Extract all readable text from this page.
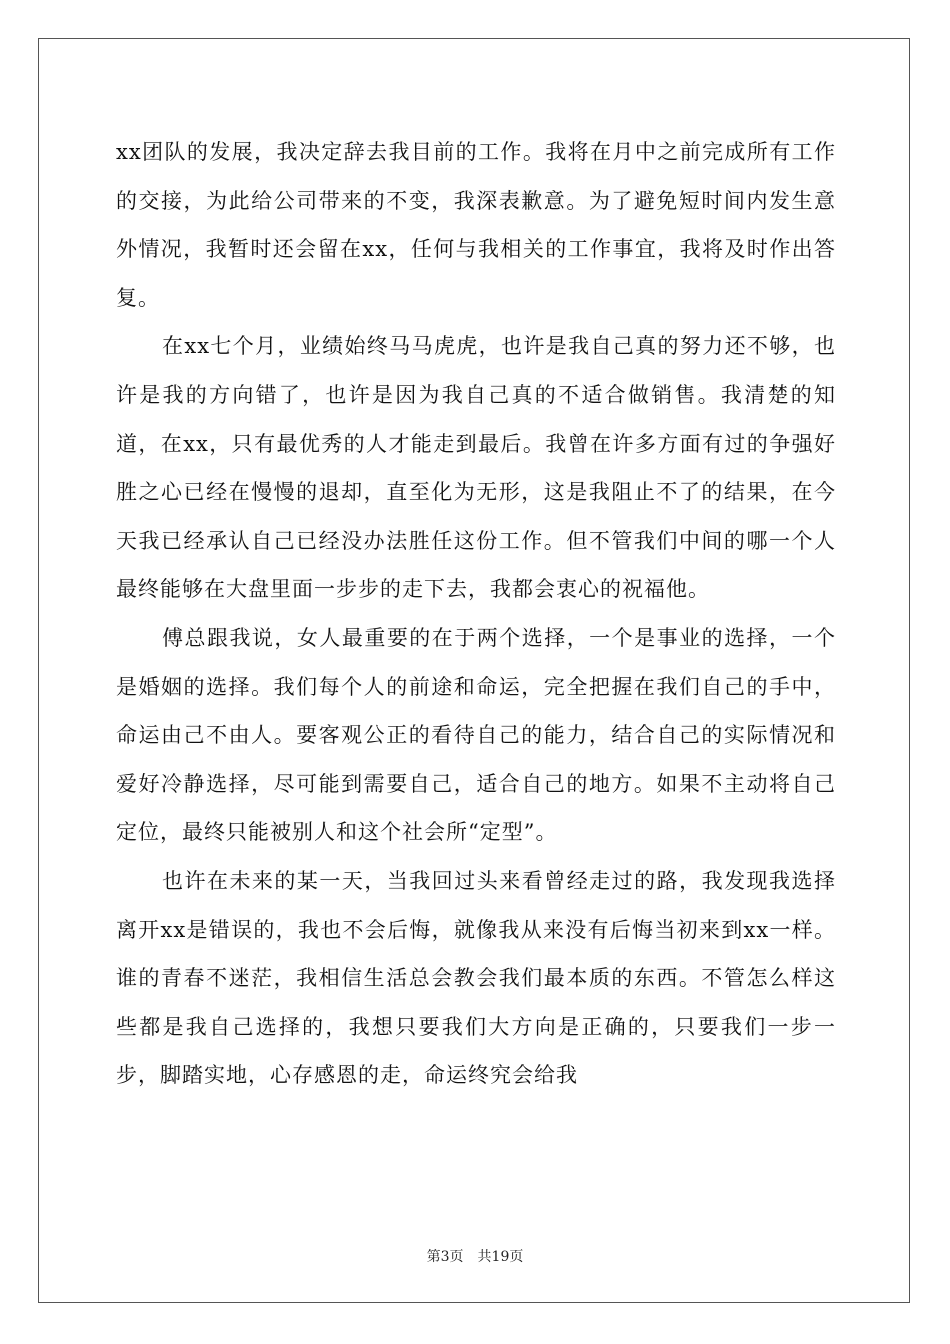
xx团队的发展，我决定辞去我目前的工作。我将在月中之前完成所有工作的交接，为此给公司带来的不变，我深表歉意。为了避免短时间内发生意外情况，我暂时还会留在xx，任何与我相关的工作事宜，我将及时作出答复。

在xx七个月，业绩始终马马虎虎，也许是我自己真的努力还不够，也许是我的方向错了，也许是因为我自己真的不适合做销售。我清楚的知道，在xx，只有最优秀的人才能走到最后。我曾在许多方面有过的争强好胜之心已经在慢慢的退却，直至化为无形，这是我阻止不了的结果，在今天我已经承认自己已经没办法胜任这份工作。但不管我们中间的哪一个人最终能够在大盘里面一步步的走下去，我都会衷心的祝福他。

傅总跟我说，女人最重要的在于两个选择，一个是事业的选择，一个是婚姻的选择。我们每个人的前途和命运，完全把握在我们自己的手中，命运由己不由人。要客观公正的看待自己的能力，结合自己的实际情况和爱好冷静选择，尽可能到需要自己，适合自己的地方。如果不主动将自己定位，最终只能被别人和这个社会所“定型”。

也许在未来的某一天，当我回过头来看曾经走过的路，我发现我选择离开xx是错误的，我也不会后悔，就像我从来没有后悔当初来到xx一样。谁的青春不迷茫，我相信生活总会教会我们最本质的东西。不管怎么样这些都是我自己选择的，我想只要我们大方向是正确的，只要我们一步一步，脚踏实地，心存感恩的走，命运终究会给我

第3页 共19页
